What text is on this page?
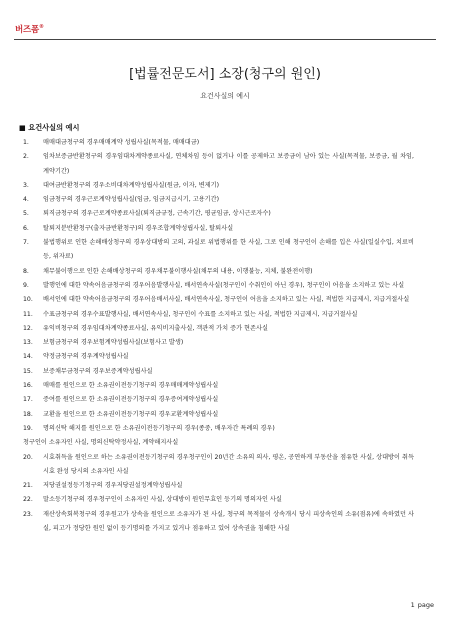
버즈폼®
[법률전문도서] 소장(청구의 원인)
요건사실의 예시
■ 요건사실의 예시
1. 매매대금청구의 경우매매계약 성립사실(목적물, 매매대금)
2. 임차보증금반환청구의 경우임대차계약종료사실, 연체차임 등이 없거나 이를 공제하고 보증금이 남아 있는 사실(목적물, 보증금, 월 차임, 계약기간)
3. 대여금반환청구의 경우소비대차계약성립사실(원금, 이자, 변제기)
4. 임금청구의 경우근로계약성립사실(임금, 임금지급시기, 고용기간)
5. 퇴직금청구의 경우근로계약종료사실(퇴직금규정, 근속기간, 평균임금, 상시근로자수)
6. 탈퇴지분반환청구(출자금반환청구)의 경우조합계약성립사실, 탈퇴사실
7. 불법행위로 인한 손해배상청구의 경우상대방의 고의, 과실로 위법행위를 한 사실, 그로 인해 청구인이 손해를 입은 사실(일실수입, 치료비등, 위자료)
8. 채무불이행으로 인한 손해배상청구의 경우채무불이행사실(채무의 내용, 이행불능, 지체, 불완전이행)
9. 발행인에 대한 약속어음금청구의 경우어음발행사실, 배서연속사실(청구인이 수취인이 아닌 경우), 청구인이 어음을 소지하고 있는 사실
10. 배서인에 대한 약속어음금청구의 경우어음배서사실, 배서연속사실, 청구인이 어음을 소지하고 있는 사실, 적법한 지급제시, 지급거절사실
11. 수표금청구의 경우수표발행사실, 배서연속사실, 청구인이 수표를 소지하고 있는 사실, 적법한 지급제시, 지급거절사실
12. 유익비청구의 경우임대차계약종료사실, 유익비지출사실, 객관적 가치 증가 현존사실
13. 보험금청구의 경우보험계약성립사실(보험사고 발생)
14. 약정금청구의 경우계약성립사실
15. 보증채무금청구의 경우보증계약성립사실
16. 매매를 원인으로 한 소유권이전등기청구의 경우매매계약성립사실
17. 증여를 원인으로 한 소유권이전등기청구의 경우증여계약성립사실
18. 교환을 원인으로 한 소유권이전등기청구의 경우교환계약성립사실
19. 명의신탁 해지를 원인으로 한 소유권이전등기청구의 경우(종중, 배우자간 특례의 경우)
청구인이 소유자인 사실, 명의신탁약정사실, 계약해지사실
20. 시효취득을 원인으로 하는 소유권이전등기청구의 경우청구인이 20년간 소유의 의사, 평온, 공연하게 부동산을 점유한 사실, 상대방이 취득시효 완성 당시의 소유자인 사실
21. 저당권설정등기청구의 경우저당권설정계약성립사실
22. 말소등기청구의 경우청구인이 소유자인 사실, 상대방이 원인무효인 등기의 명의자인 사실
23. 재산상속회복청구의 경우원고가 상속을 원인으로 소유자가 된 사실, 청구의 목적물이 상속개시 당시 피상속인의 소유(점유)에 속하였던 사실, 피고가 정당한 원인 없이 등기명의를 가지고 있거나 점유하고 있어 상속권을 침해한 사실
1 page
